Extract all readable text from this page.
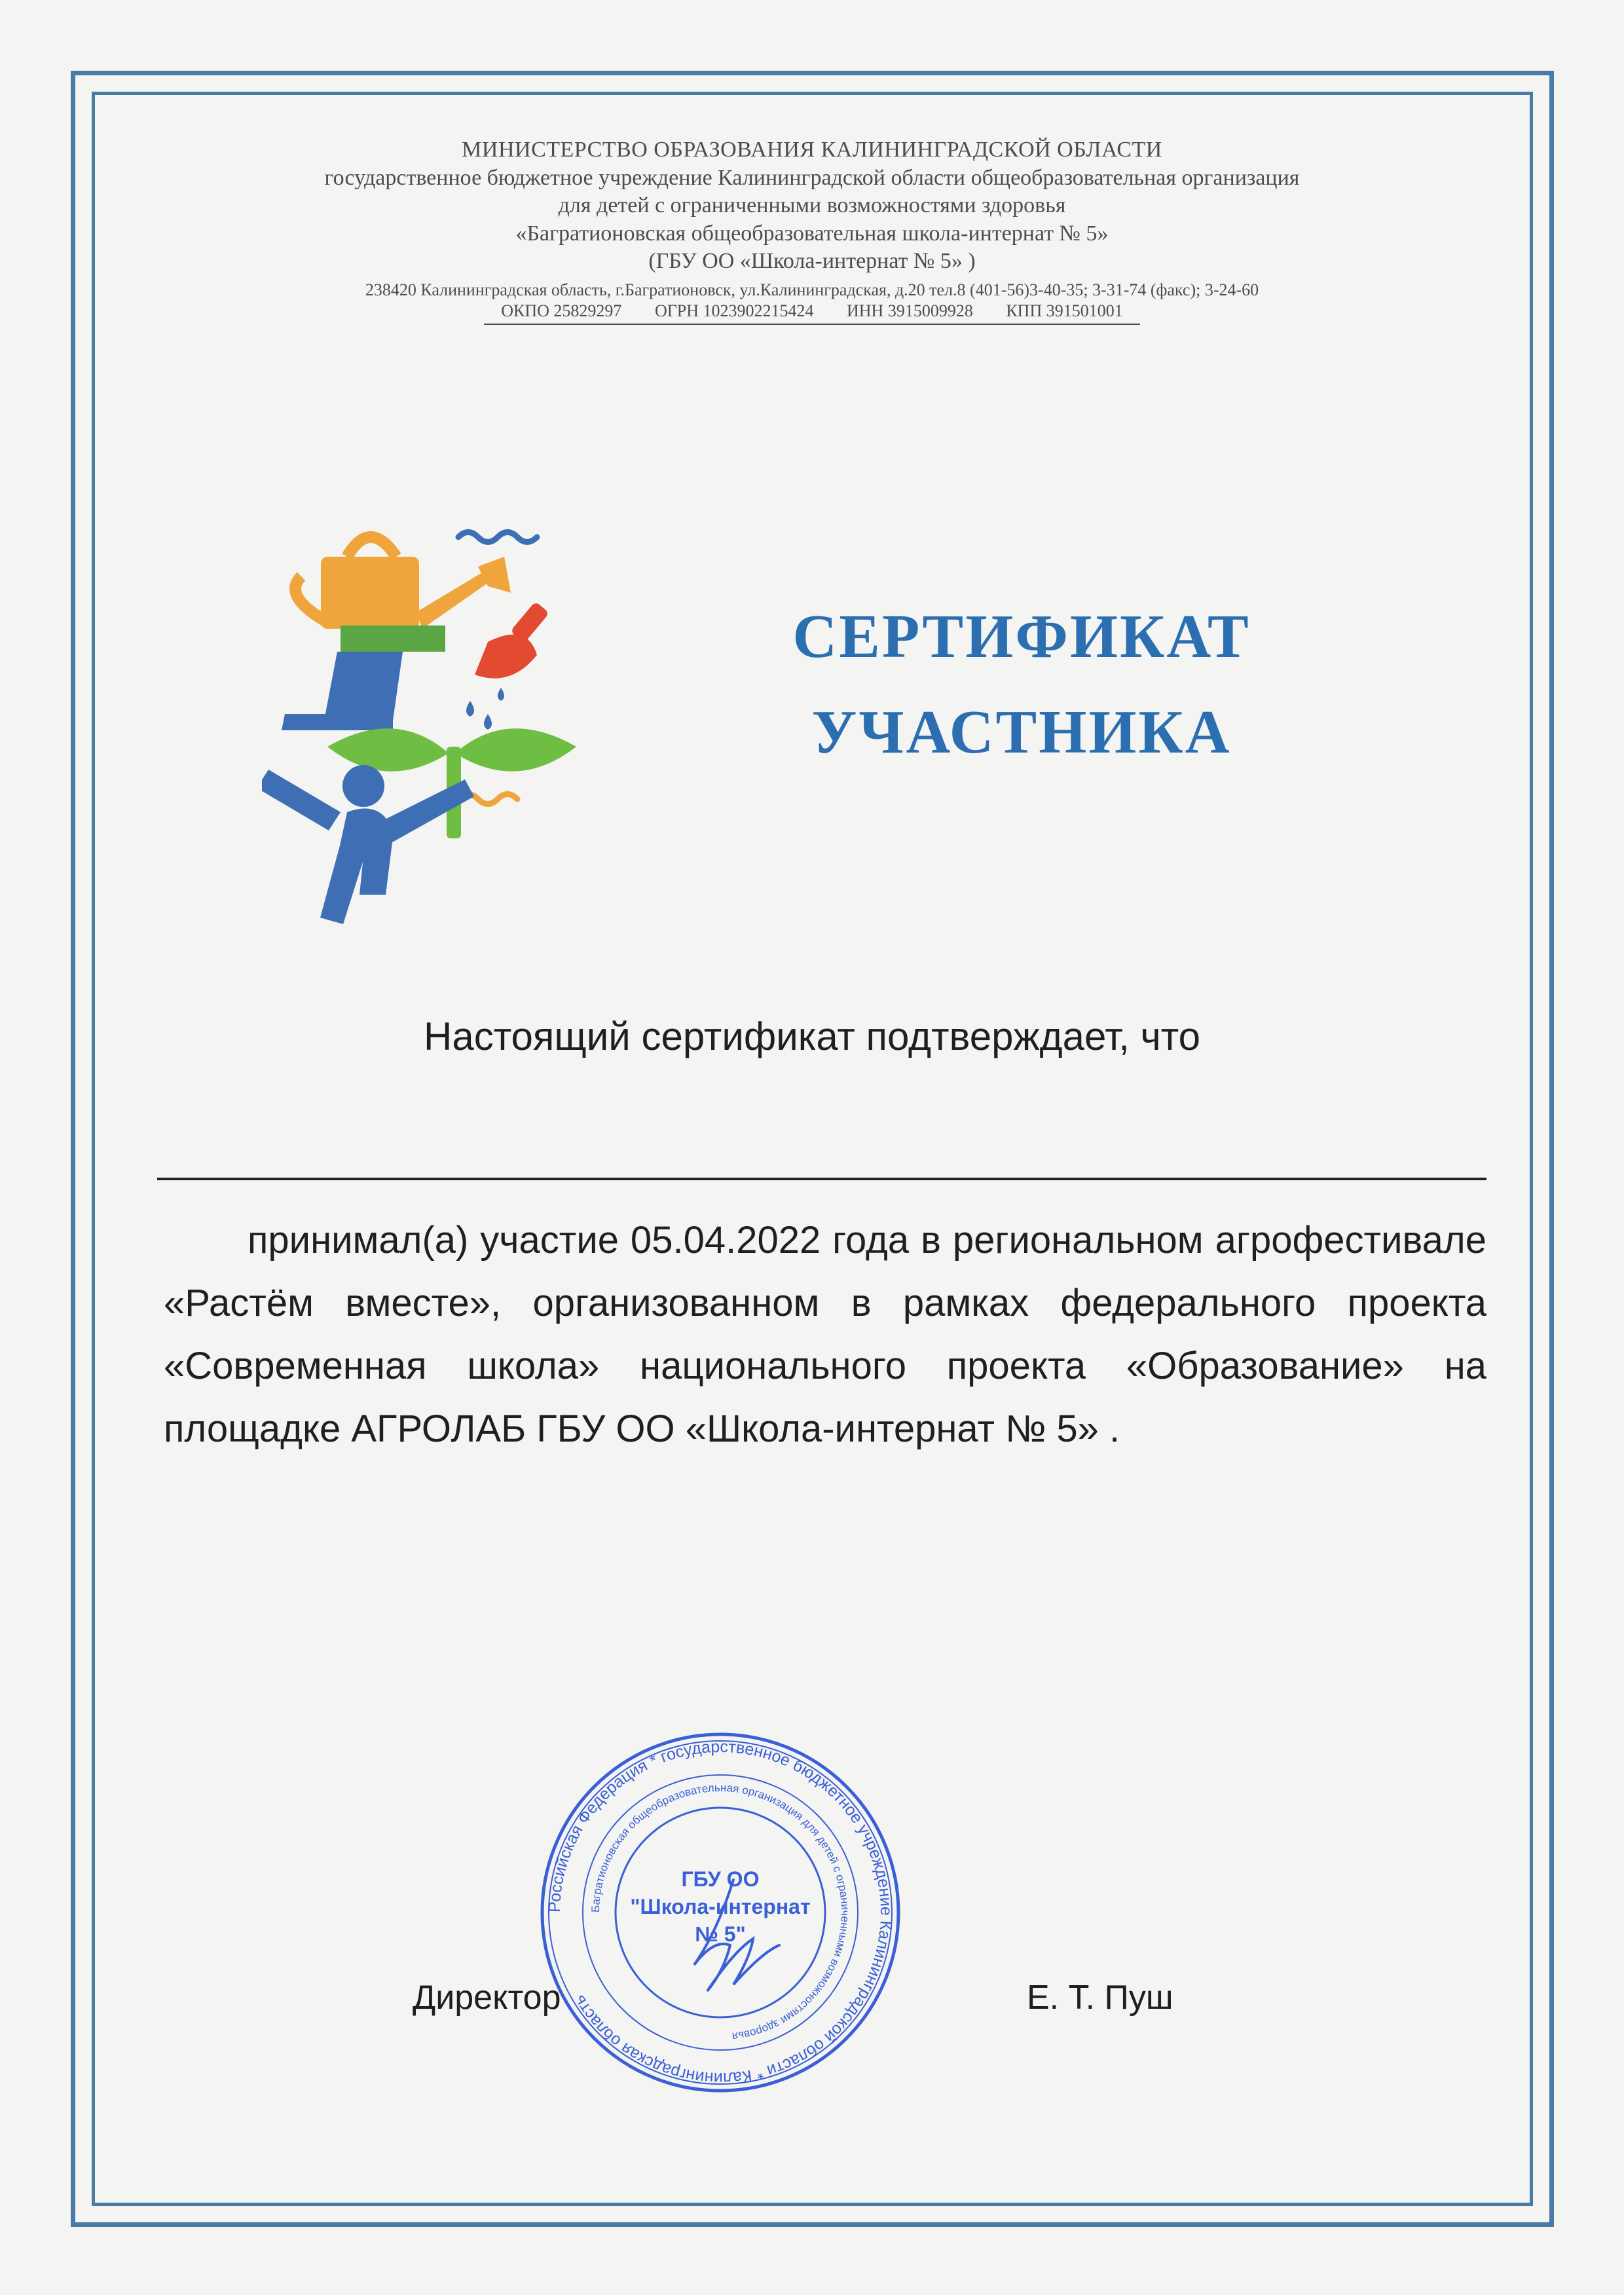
МИНИСТЕРСТВО ОБРАЗОВАНИЯ КАЛИНИНГРАДСКОЙ ОБЛАСТИ
государственное бюджетное учреждение Калининградской области общеобразовательная организация
для детей с ограниченными возможностями здоровья
«Багратионовская общеобразовательная школа-интернат № 5»
(ГБУ ОО «Школа-интернат № 5» )
238420 Калининградская область, г.Багратионовск, ул.Калининградская, д.20 тел.8 (401-56)3-40-35; 3-31-74 (факс); 3-24-60
ОКПО 25829297 ОГРН 1023902215424 ИНН 3915009928 КПП 391501001
СЕРТИФИКАТ
УЧАСТНИКА
Настоящий сертификат подтверждает, что
принимал(а) участие 05.04.2022 года в региональном агрофестивале «Растём вместе», организованном в рамках федерального проекта «Современная школа» национального проекта «Образование» на площадке АГРОЛАБ ГБУ ОО «Школа-интернат № 5» .
Российская Федерация * государственное бюджетное учреждение Калининградской области * Калининградская область
Багратионовская общеобразовательная организация для детей с ограниченными возможностями здоровья
ГБУ ОО
"Школа-интернат
№ 5"
Директор	Е. Т. Пуш
